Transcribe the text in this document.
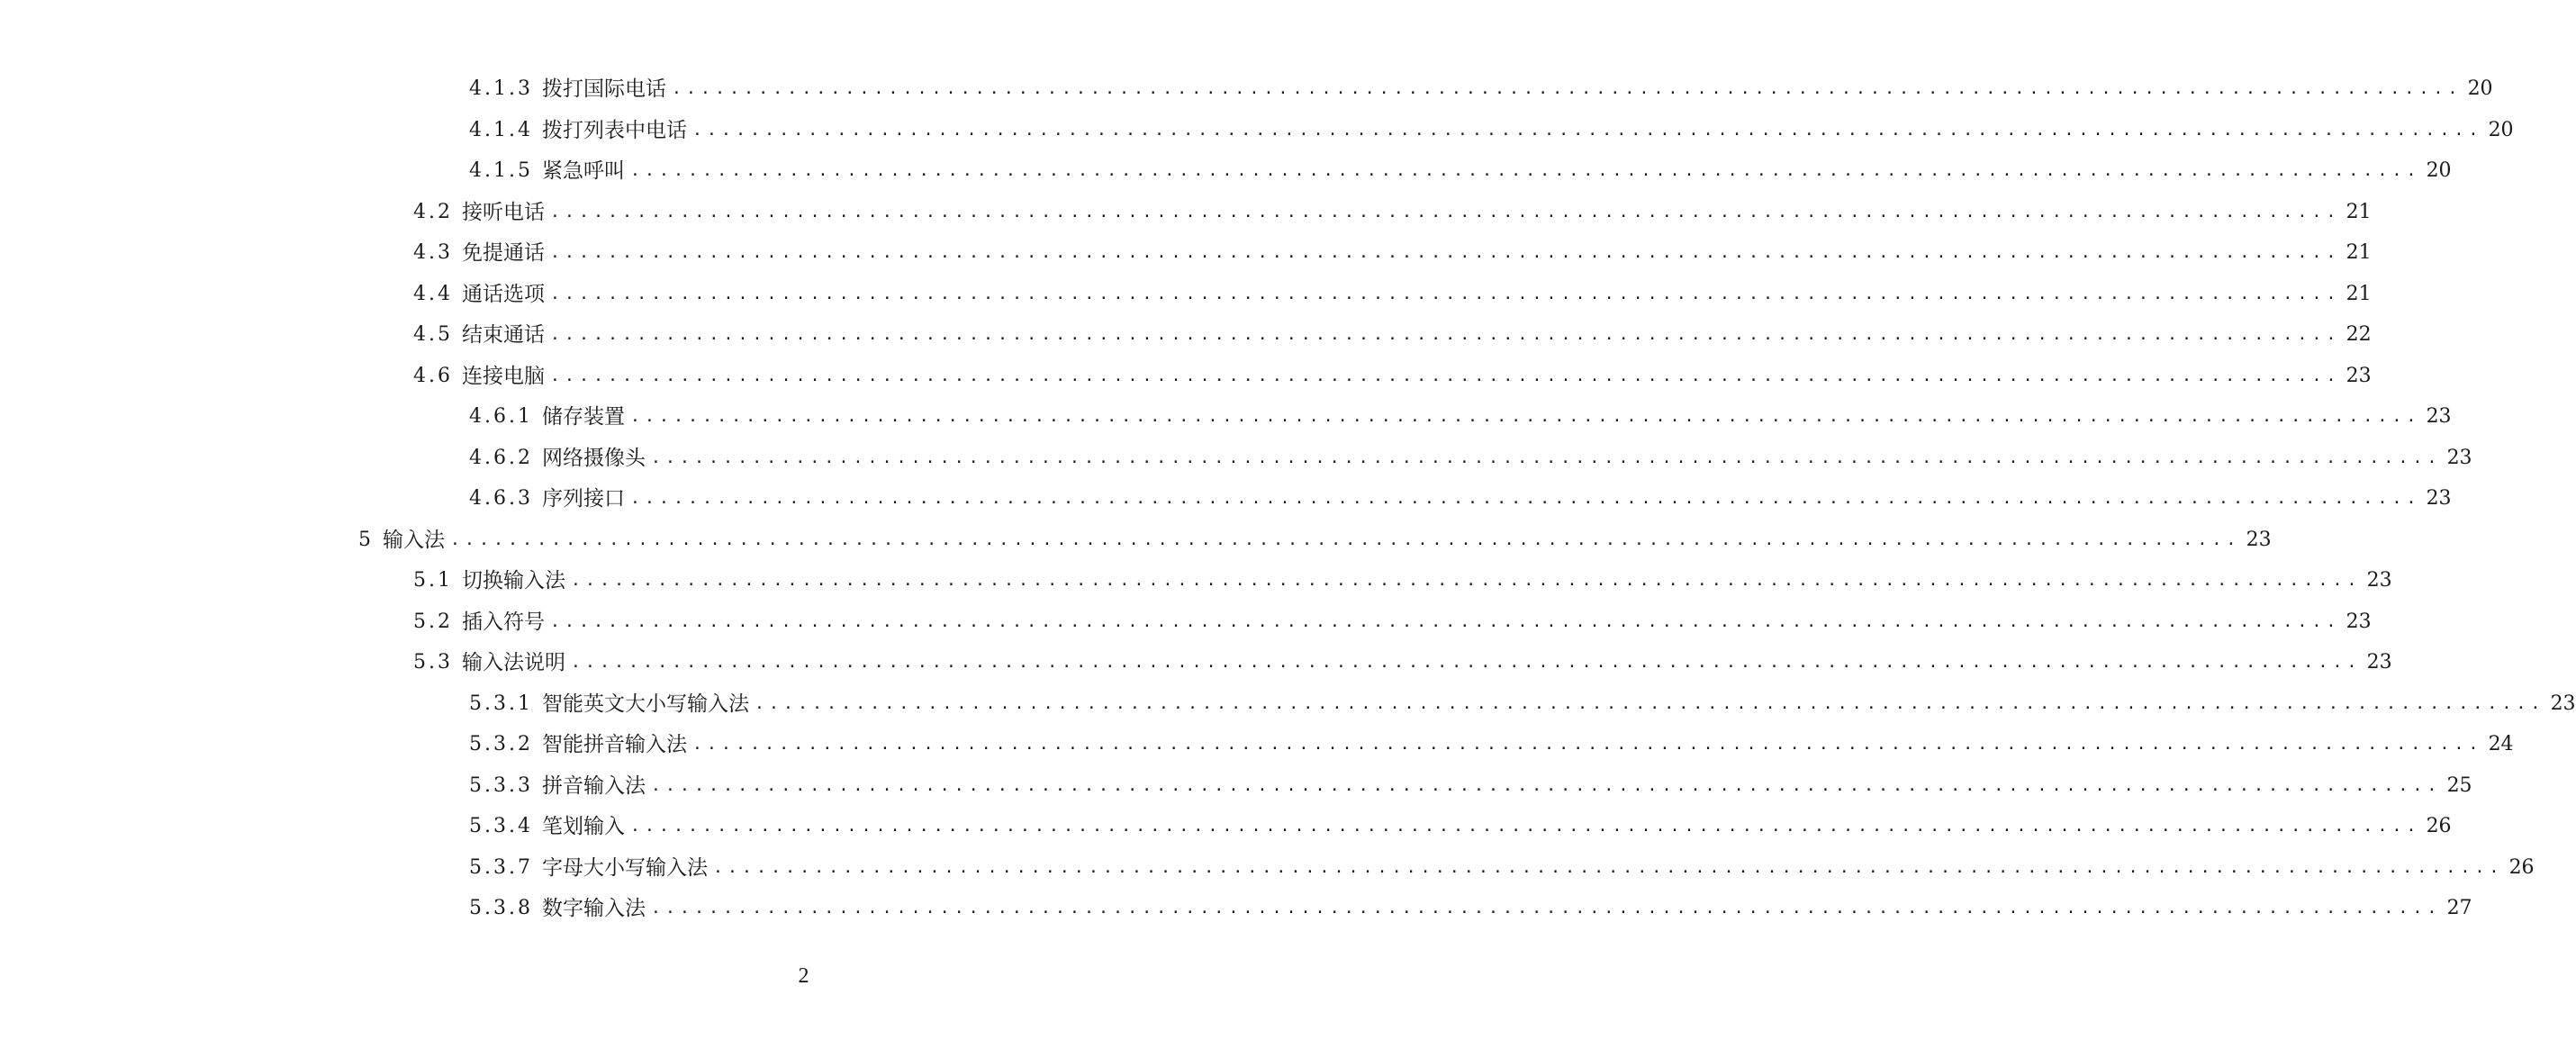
4.1.3 拨打国际电话 ............................................................................................................................ 20
4.1.4 拨打列表中电话 ............................................................................................................................ 20
4.1.5 紧急呼叫 ............................................................................................................................ 20
4.2 接听电话 ............................................................................................................................ 21
4.3 免提通话 ............................................................................................................................ 21
4.4 通话选项 ............................................................................................................................ 21
4.5 结束通话 ............................................................................................................................ 22
4.6 连接电脑 ............................................................................................................................ 23
4.6.1 储存装置 ............................................................................................................................ 23
4.6.2 网络摄像头 ............................................................................................................................ 23
4.6.3 序列接口 ............................................................................................................................ 23
5 输入法 ............................................................................................................................ 23
5.1 切换输入法 ............................................................................................................................ 23
5.2 插入符号 ............................................................................................................................ 23
5.3 输入法说明 ............................................................................................................................ 23
5.3.1 智能英文大小写输入法 ............................................................................................................................ 23
5.3.2 智能拼音输入法 ............................................................................................................................ 24
5.3.3 拼音输入法 ............................................................................................................................ 25
5.3.4 笔划输入 ............................................................................................................................ 26
5.3.7 字母大小写输入法 ............................................................................................................................ 26
5.3.8 数字输入法 ............................................................................................................................ 27
2
